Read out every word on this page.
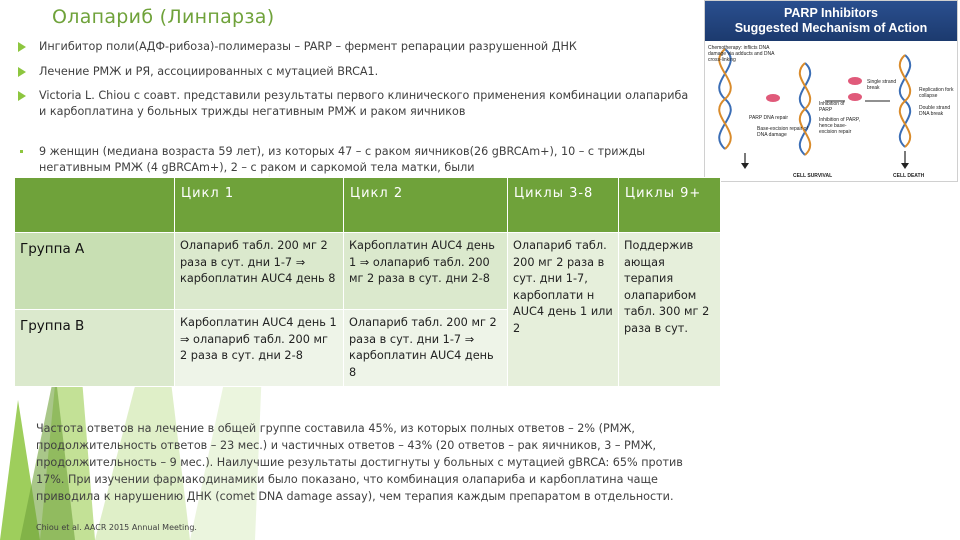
Олапариб (Линпарза)
Ингибитор поли(АДФ-рибоза)-полимеразы – PARP – фермент репарации разрушенной ДНК
Лечение РМЖ и РЯ, ассоциированных с мутацией BRCA1.
Victoria L. Chiou с соавт. представили результаты первого клинического применения комбинации олапариба и карбоплатина у больных трижды негативным РМЖ и раком яичников
9 женщин (медиана возраста 59 лет), из которых 47 – с раком яичников(26 gBRCAm+), 10 – с трижды негативным РМЖ (4 gBRCAm+), 2 – с раком и саркомой тела матки, были
PARP Inhibitors
Suggested Mechanism of Action
Chemotherapy: inflicts DNA damage via adducts and DNA cross-linking
PARP DNA repair
Base-excision repair of DNA damage
Single strand break
Inhibition of PARP
Inhibition of PARP, hence base-excision repair
Replication fork collapse
Double strand DNA break
CELL SURVIVAL	CELL DEATH
	Цикл 1	Цикл 2	Циклы 3-8	Циклы 9+
Группа А	Олапариб табл. 200 мг 2 раза в сут. дни 1-7 ⇒ карбоплатин AUC4 день 8	Карбоплатин AUC4 день 1 ⇒ олапариб табл. 200 мг 2 раза в сут. дни 2-8	Олапариб табл. 200 мг 2 раза в сут. дни 1-7, карбоплати н AUC4 день 1 или 2	Поддержив ающая терапия олапарибом табл. 300 мг 2 раза в сут.
Группа В	Карбоплатин AUC4 день 1 ⇒ олапариб табл. 200 мг 2 раза в сут. дни 2-8	Олапариб табл. 200 мг 2 раза в сут. дни 1-7 ⇒ карбоплатин AUC4 день 8		
Частота ответов на лечение в общей группе составила 45%, из которых полных ответов – 2% (РМЖ, продолжительность ответов – 23 мес.) и частичных ответов – 43% (20 ответов – рак яичников, 3 – РМЖ, продолжительность – 9 мес.). Наилучшие результаты достигнуты у больных с мутацией gBRCA: 65% против 17%. При изучении фармакодинамики было показано, что комбинация олапариба и карбоплатина чаще приводила к нарушению ДНК (comet DNA damage assay), чем терапия каждым препаратом в отдельности.
Chiou et al. AACR 2015 Annual Meeting.
